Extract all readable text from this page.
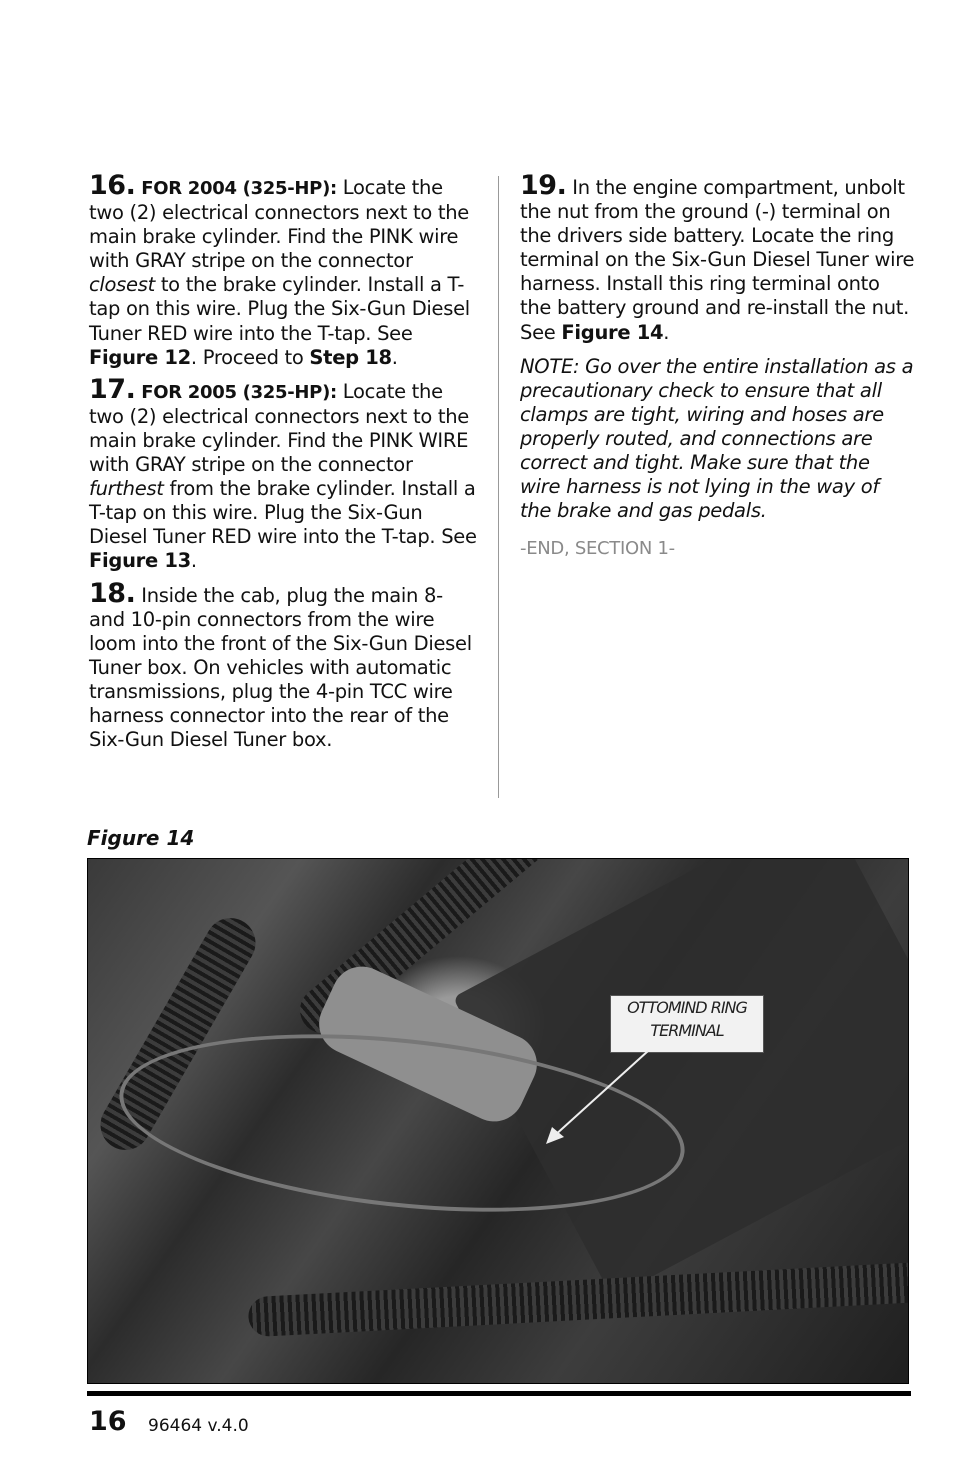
16. FOR 2004 (325-HP): Locate the two (2) electrical connectors next to the main brake cylinder. Find the PINK wire with GRAY stripe on the connector closest to the brake cylinder. Install a T-tap on this wire. Plug the Six-Gun Diesel Tuner RED wire into the T-tap. See Figure 12. Proceed to Step 18.

17. FOR 2005 (325-HP): Locate the two (2) electrical connectors next to the main brake cylinder. Find the PINK WIRE with GRAY stripe on the connector furthest from the brake cylinder. Install a T-tap on this wire. Plug the Six-Gun Diesel Tuner RED wire into the T-tap. See Figure 13.

18. Inside the cab, plug the main 8- and 10-pin connectors from the wire loom into the front of the Six-Gun Diesel Tuner box. On vehicles with automatic transmissions, plug the 4-pin TCC wire harness connector into the rear of the Six-Gun Diesel Tuner box.

19. In the engine compartment, unbolt the nut from the ground (-) terminal on the drivers side battery. Locate the ring terminal on the Six-Gun Diesel Tuner wire harness. Install this ring terminal onto the battery ground and re-install the nut. See Figure 14.

NOTE: Go over the entire installation as a precautionary check to ensure that all clamps are tight, wiring and hoses are properly routed, and connections are correct and tight. Make sure that the wire harness is not lying in the way of the brake and gas pedals.

-END, SECTION 1-

Figure 14
OTTOMIND RING
TERMINAL
16 96464 v.4.0
